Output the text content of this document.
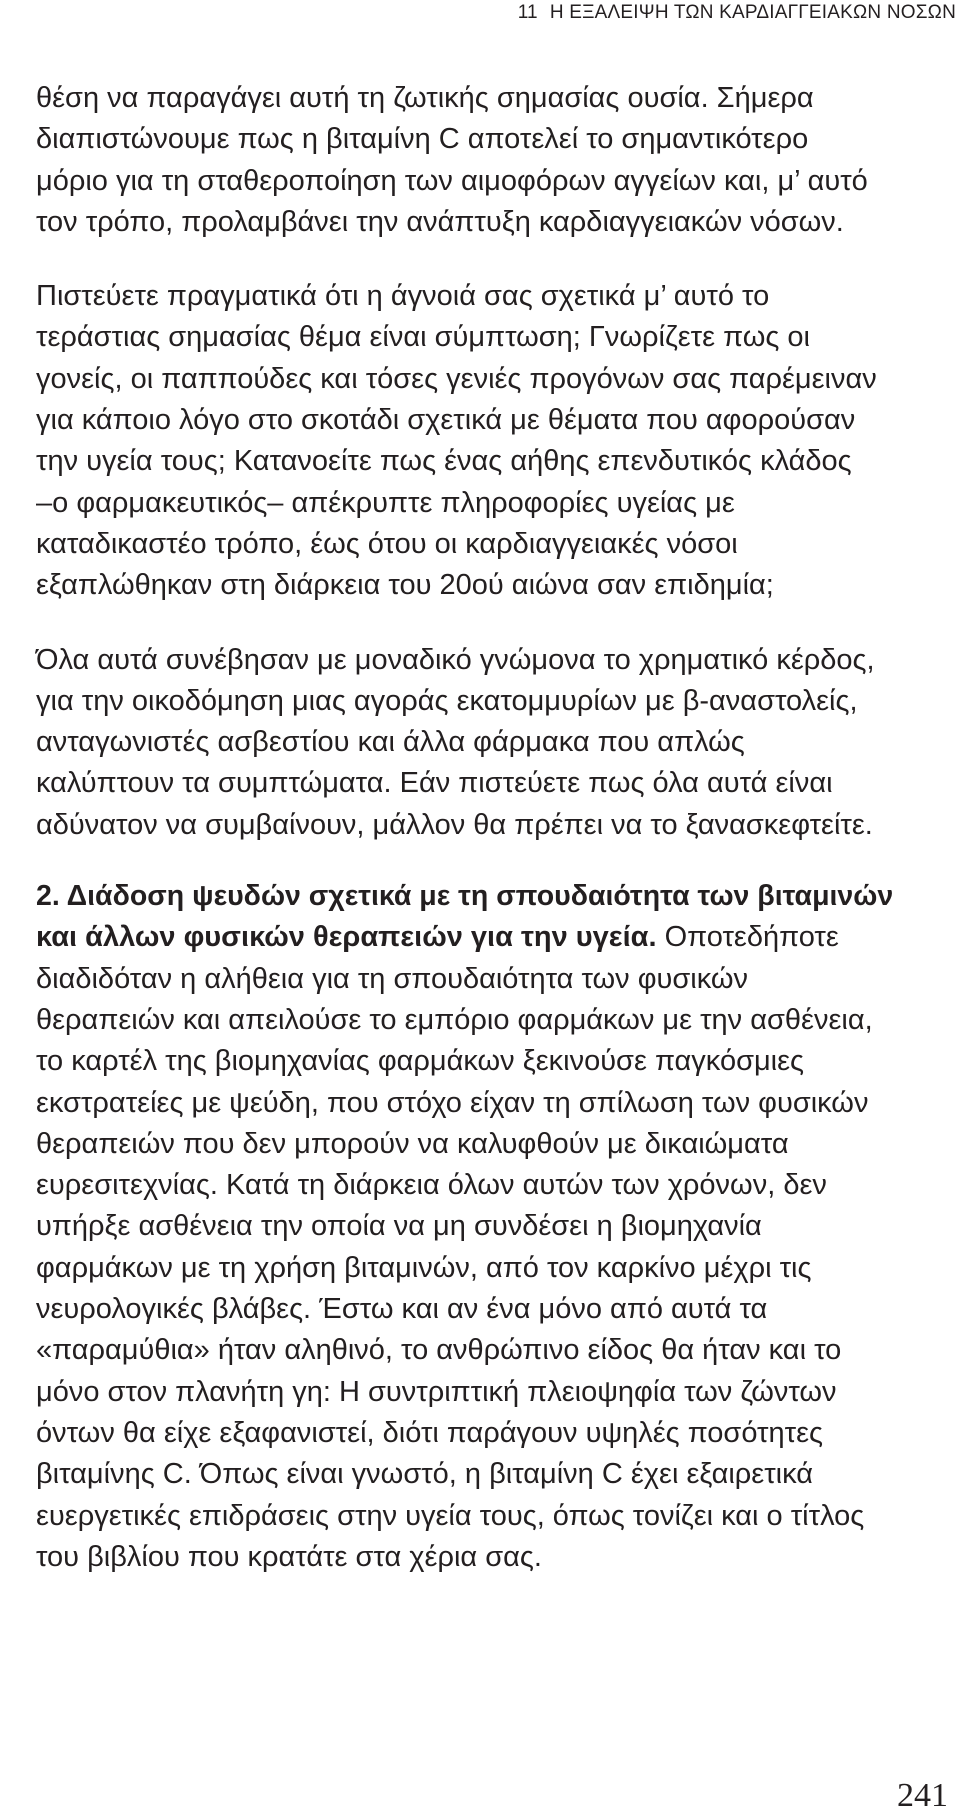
11 Η ΕΞΑΛΕΙΨΗ ΤΩΝ ΚΑΡΔΙΑΓΓΕΙΑΚΩΝ ΝΟΣΩΝ

θέση να παραγάγει αυτή τη ζωτικής σημασίας ουσία. Σήμερα
διαπιστώνουμε πως η βιταμίνη C αποτελεί το σημαντικότερο
μόριο για τη σταθεροποίηση των αιμοφόρων αγγείων και, μ’ αυτό
τον τρόπο, προλαμβάνει την ανάπτυξη καρδιαγγειακών νόσων.

Πιστεύετε πραγματικά ότι η άγνοιά σας σχετικά μ’ αυτό το
τεράστιας σημασίας θέμα είναι σύμπτωση; Γνωρίζετε πως οι
γονείς, οι παππούδες και τόσες γενιές προγόνων σας παρέμειναν
για κάποιο λόγο στο σκοτάδι σχετικά με θέματα που αφορούσαν
την υγεία τους; Κατανοείτε πως ένας αήθης επενδυτικός κλάδος
–ο φαρμακευτικός– απέκρυπτε πληροφορίες υγείας με
καταδικαστέο τρόπο, έως ότου οι καρδιαγγειακές νόσοι
εξαπλώθηκαν στη διάρκεια του 20ού αιώνα σαν επιδημία;

Όλα αυτά συνέβησαν με μοναδικό γνώμονα το χρηματικό κέρδος,
για την οικοδόμηση μιας αγοράς εκατομμυρίων με β-αναστολείς,
ανταγωνιστές ασβεστίου και άλλα φάρμακα που απλώς
καλύπτουν τα συμπτώματα. Εάν πιστεύετε πως όλα αυτά είναι
αδύνατον να συμβαίνουν, μάλλον θα πρέπει να το ξανασκεφτείτε.

2. Διάδοση ψευδών σχετικά με τη σπουδαιότητα των βιταμινών
και άλλων φυσικών θεραπειών για την υγεία. Οποτεδήποτε
διαδιδόταν η αλήθεια για τη σπουδαιότητα των φυσικών
θεραπειών και απειλούσε το εμπόριο φαρμάκων με την ασθένεια,
το καρτέλ της βιομηχανίας φαρμάκων ξεκινούσε παγκόσμιες
εκστρατείες με ψεύδη, που στόχο είχαν τη σπίλωση των φυσικών
θεραπειών που δεν μπορούν να καλυφθούν με δικαιώματα
ευρεσιτεχνίας. Κατά τη διάρκεια όλων αυτών των χρόνων, δεν
υπήρξε ασθένεια την οποία να μη συνδέσει η βιομηχανία
φαρμάκων με τη χρήση βιταμινών, από τον καρκίνο μέχρι τις
νευρολογικές βλάβες. Έστω και αν ένα μόνο από αυτά τα
«παραμύθια» ήταν αληθινό, το ανθρώπινο είδος θα ήταν και το
μόνο στον πλανήτη γη: Η συντριπτική πλειοψηφία των ζώντων
όντων θα είχε εξαφανιστεί, διότι παράγουν υψηλές ποσότητες
βιταμίνης C. Όπως είναι γνωστό, η βιταμίνη C έχει εξαιρετικά
ευεργετικές επιδράσεις στην υγεία τους, όπως τονίζει και ο τίτλος
του βιβλίου που κρατάτε στα χέρια σας.

241
